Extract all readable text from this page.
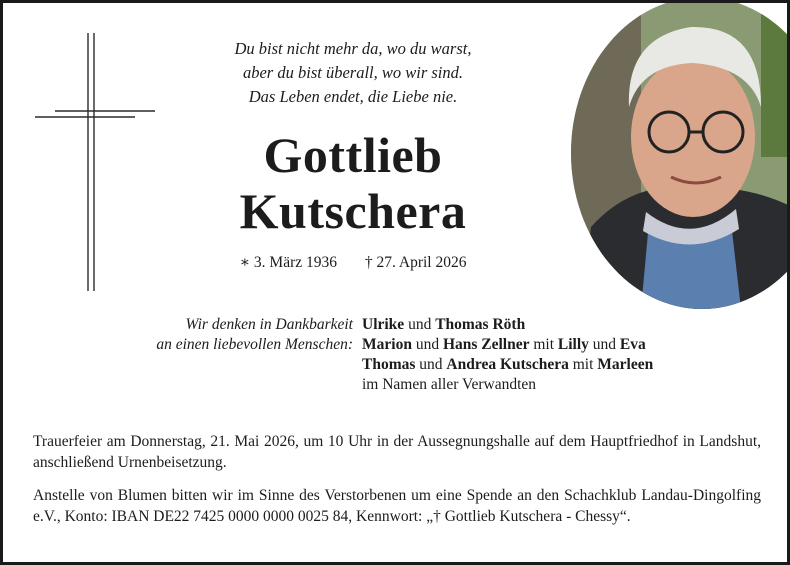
Du bist nicht mehr da, wo du warst,
aber du bist überall, wo wir sind.
Das Leben endet, die Liebe nie.
Gottlieb
Kutschera
∗ 3. März 1936 † 27. April 2026
Wir denken in Dankbarkeit
an einen liebevollen Menschen:
Ulrike und Thomas Röth
Marion und Hans Zellner mit Lilly und Eva
Thomas und Andrea Kutschera mit Marleen
im Namen aller Verwandten
Trauerfeier am Donnerstag, 21. Mai 2026, um 10 Uhr in der Aussegnungshalle auf dem Hauptfriedhof in Landshut, anschließend Urnenbeisetzung.
Anstelle von Blumen bitten wir im Sinne des Verstorbenen um eine Spende an den Schachklub Landau-Dingolfing e.V., Konto: IBAN DE22 7425 0000 0000 0025 84, Kennwort: „† Gottlieb Kutschera - Chessy“.
